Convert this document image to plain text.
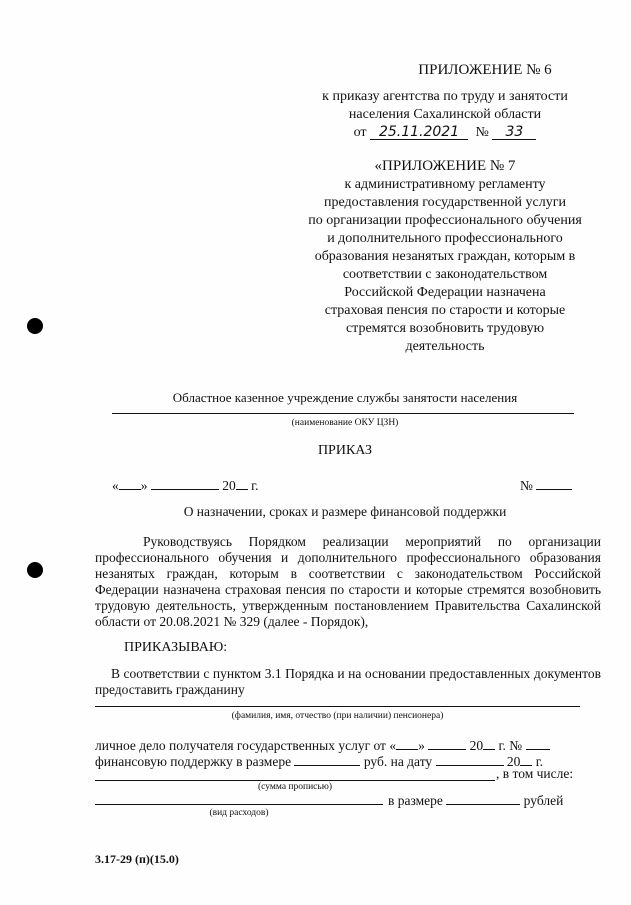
ПРИЛОЖЕНИЕ № 6
к приказу агентства по труду и занятости
населения Сахалинской области
от 25.11.2021 № 33
«ПРИЛОЖЕНИЕ № 7
к административному регламенту
предоставления государственной услуги
по организации профессионального обучения
и дополнительного профессионального
образования незанятых граждан, которым в
соответствии с законодательством
Российской Федерации назначена
страховая пенсия по старости и которые
стремятся возобновить трудовую
деятельность
Областное казенное учреждение службы занятости населения
(наименование ОКУ ЦЗН)
ПРИКАЗ
« »	20 г.	№
О назначении, сроках и размере финансовой поддержки
Руководствуясь Порядком реализации мероприятий по организации профессионального обучения и дополнительного профессионального образования незанятых граждан, которым в соответствии с законодательством Российской Федерации назначена страховая пенсия по старости и которые стремятся возобновить трудовую деятельность, утвержденным постановлением Правительства Сахалинской области от 20.08.2021 № 329 (далее - Порядок),
ПРИКАЗЫВАЮ:
В соответствии с пунктом 3.1 Порядка и на основании предоставленных документов предоставить гражданину
(фамилия, имя, отчество (при наличии) пенсионера)
личное дело получателя государственных услуг от « »	20 г. №
финансовую поддержку в размере	руб. на дату	20 г.
, в том числе:
(сумма прописью)
в размере	рублей
(вид расходов)
3.17-29 (п)(15.0)
